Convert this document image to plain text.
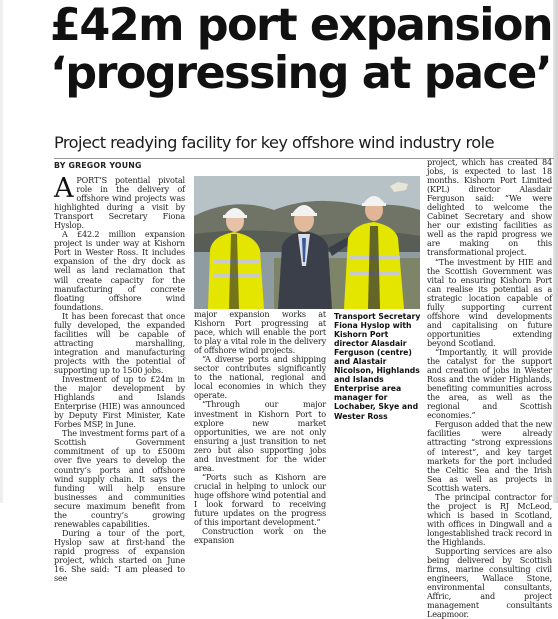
£42m port expansion
‘progressing at pace’
Project readying facility for key offshore wind industry role
BY GREGOR YOUNG

APORT’S potential pivotal role in the delivery of offshore wind projects was highlighted during a visit by Transport Secretary Fiona Hyslop.

A £42.2 million expansion project is under way at Kishorn Port in Wester Ross. It includes expansion of the dry dock as well as land reclamation that will create capacity for the manufacturing of concrete floating offshore wind foundations.

It has been forecast that once fully developed, the expanded facilities will be capable of attracting marshalling, integration and manufacturing projects with the potential of supporting up to 1500 jobs.

Investment of up to £24m in the major development by Highlands and Islands Enterprise (HIE) was announced by Deputy First Minister, Kate Forbes MSP, in June.

The investment forms part of a Scottish Government commitment of up to £500m over five years to develop the country’s ports and offshore wind supply chain. It says the funding will help ensure businesses and communities secure maximum benefit from the country’s growing renewables capabilities.

During a tour of the port, Hyslop saw at first-hand the rapid progress of expansion project, which started on June 16. She said: “I am pleased to see

major expansion works at Kishorn Port progressing at pace, which will enable the port to play a vital role in the delivery of offshore wind projects.

“A diverse ports and shipping sector contributes significantly to the national, regional and local economies in which they operate.

“Through our major investment in Kishorn Port to explore new market opportunities, we are not only ensuring a just transition to net zero but also supporting jobs and investment for the wider area.

“Ports such as Kishorn are crucial in helping to unlock our huge offshore wind potential and I look forward to receiving future updates on the progress of this important development.”

Construction work on the expansion

Transport Secretary Fiona Hyslop with Kishorn Port director Alasdair Ferguson (centre) and Alastair Nicolson, Highlands and Islands Enterprise area manager for Lochaber, Skye and Wester Ross

project, which has created 84 jobs, is expected to last 18 months. Kishorn Port Limited (KPL) director Alasdair Ferguson said: “We were delighted to welcome the Cabinet Secretary and show her our existing facilities as well as the rapid progress we are making on this transformational project.

“The investment by HIE and the Scottish Government was vital to ensuring Kishorn Port can realise its potential as a strategic location capable of fully supporting current offshore wind developments and capitalising on future opportunities extending beyond Scotland.

“Importantly, it will provide the catalyst for the support and creation of jobs in Wester Ross and the wider Highlands, benefiting communities across the area, as well as the regional and Scottish economies.”

Ferguson added that the new facilities were already attracting “strong expressions of interest”, and key target markets for the port included the Celtic Sea and the Irish Sea as well as projects in Scottish waters.

The principal contractor for the project is RJ McLeod, which is based in Scotland, with offices in Dingwall and a longestablished track record in the Highlands.

Supporting services are also being delivered by Scottish firms, marine consulting civil engineers, Wallace Stone, environmental consultants, Affric, and project management consultants Leapmoor.
